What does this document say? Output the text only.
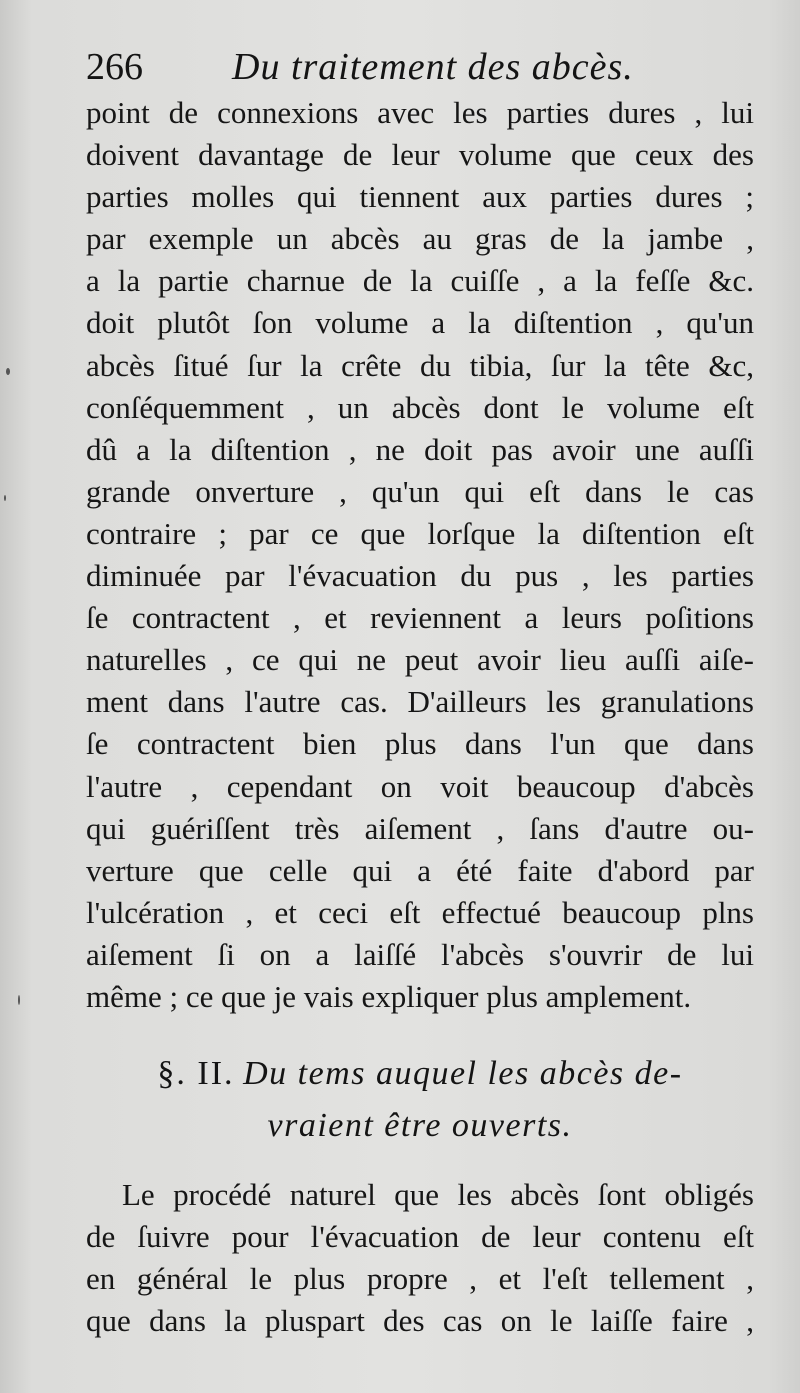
266 Du traitement des abcès.
point de connexions avec les parties dures , lui
doivent davantage de leur volume que ceux des
parties molles qui tiennent aux parties dures ;
par exemple un abcès au gras de la jambe ,
a la partie charnue de la cuiſſe , a la feſſe &c.
doit plutôt ſon volume a la diſtention , qu'un
abcès ſitué ſur la crête du tibia, ſur la tête &c,
conſéquemment , un abcès dont le volume eſt
dû a la diſtention , ne doit pas avoir une auſſi
grande onverture , qu'un qui eſt dans le cas
contraire ; par ce que lorſque la diſtention eſt
diminuée par l'évacuation du pus , les parties
ſe contractent , et reviennent a leurs poſitions
naturelles , ce qui ne peut avoir lieu auſſi aiſe-
ment dans l'autre cas. D'ailleurs les granulations
ſe contractent bien plus dans l'un que dans
l'autre , cependant on voit beaucoup d'abcès
qui guériſſent très aiſement , ſans d'autre ou-
verture que celle qui a été faite d'abord par
l'ulcération , et ceci eſt effectué beaucoup plns
aiſement ſi on a laiſſé l'abcès s'ouvrir de lui
même ; ce que je vais expliquer plus amplement.
§. II. Du tems auquel les abcès de-
vraient être ouverts.
Le procédé naturel que les abcès ſont obligés
de ſuivre pour l'évacuation de leur contenu eſt
en général le plus propre , et l'eſt tellement ,
que dans la pluspart des cas on le laiſſe faire ,
